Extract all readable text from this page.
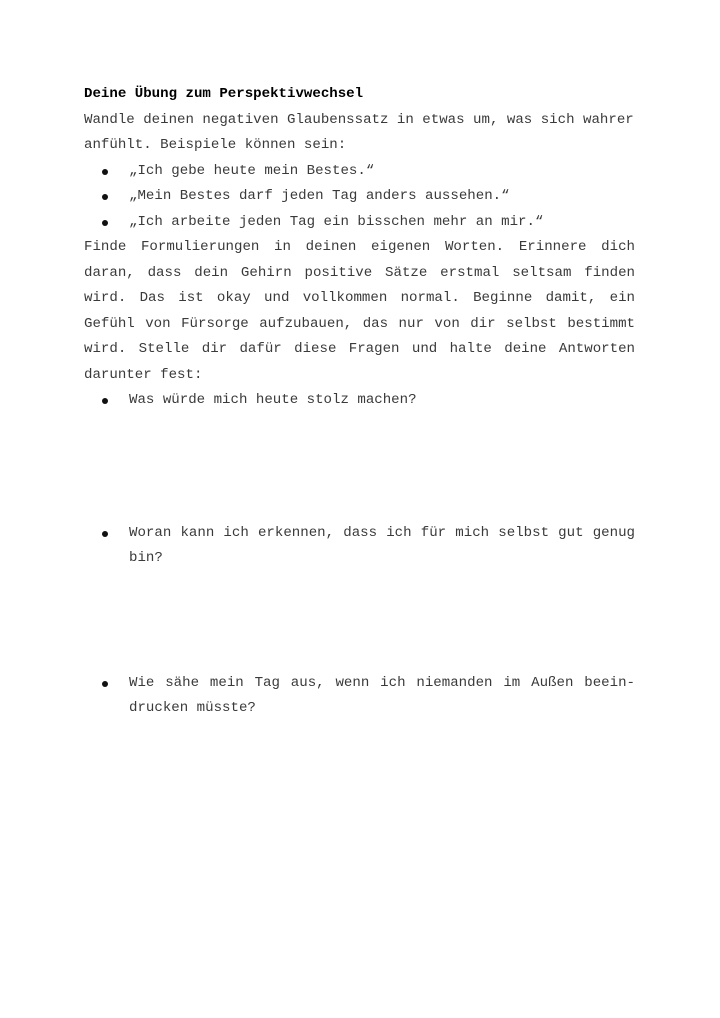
Deine Übung zum Perspektivwechsel

Wandle deinen negativen Glaubenssatz in etwas um, was sich wahrer anfühlt. Beispiele können sein:

„Ich gebe heute mein Bestes.“
„Mein Bestes darf jeden Tag anders aussehen.“
„Ich arbeite jeden Tag ein bisschen mehr an mir.“

Finde Formulierungen in deinen eigenen Worten. Erinnere dich daran, dass dein Gehirn positive Sätze erstmal seltsam finden wird. Das ist okay und vollkommen normal. Beginne damit, ein Gefühl von Fürsorge aufzubauen, das nur von dir selbst bestimmt wird. Stelle dir dafür diese Fragen und halte deine Antworten darunter fest:

Was würde mich heute stolz machen?
Woran kann ich erkennen, dass ich für mich selbst gut genug bin?
Wie sähe mein Tag aus, wenn ich niemanden im Außen beein-drucken müsste?
